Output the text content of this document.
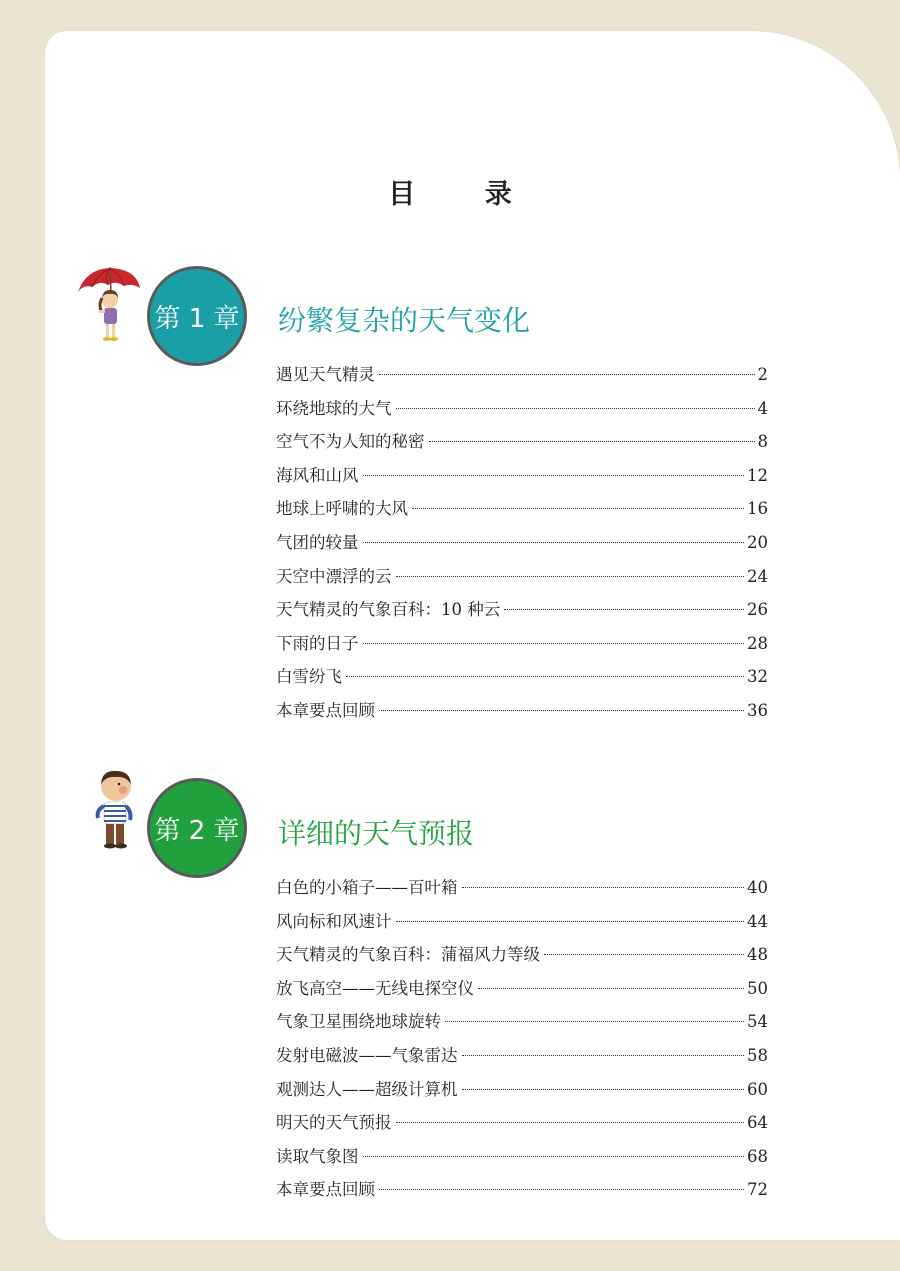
目 录
第 1 章 纷繁复杂的天气变化
遇见天气精灵	2
环绕地球的大气	4
空气不为人知的秘密	8
海风和山风	12
地球上呼啸的大风	16
气团的较量	20
天空中漂浮的云	24
天气精灵的气象百科：10 种云	26
下雨的日子	28
白雪纷飞	32
本章要点回顾	36
第 2 章 详细的天气预报
白色的小箱子——百叶箱	40
风向标和风速计	44
天气精灵的气象百科：蒲福风力等级	48
放飞高空——无线电探空仪	50
气象卫星围绕地球旋转	54
发射电磁波——气象雷达	58
观测达人——超级计算机	60
明天的天气预报	64
读取气象图	68
本章要点回顾	72
